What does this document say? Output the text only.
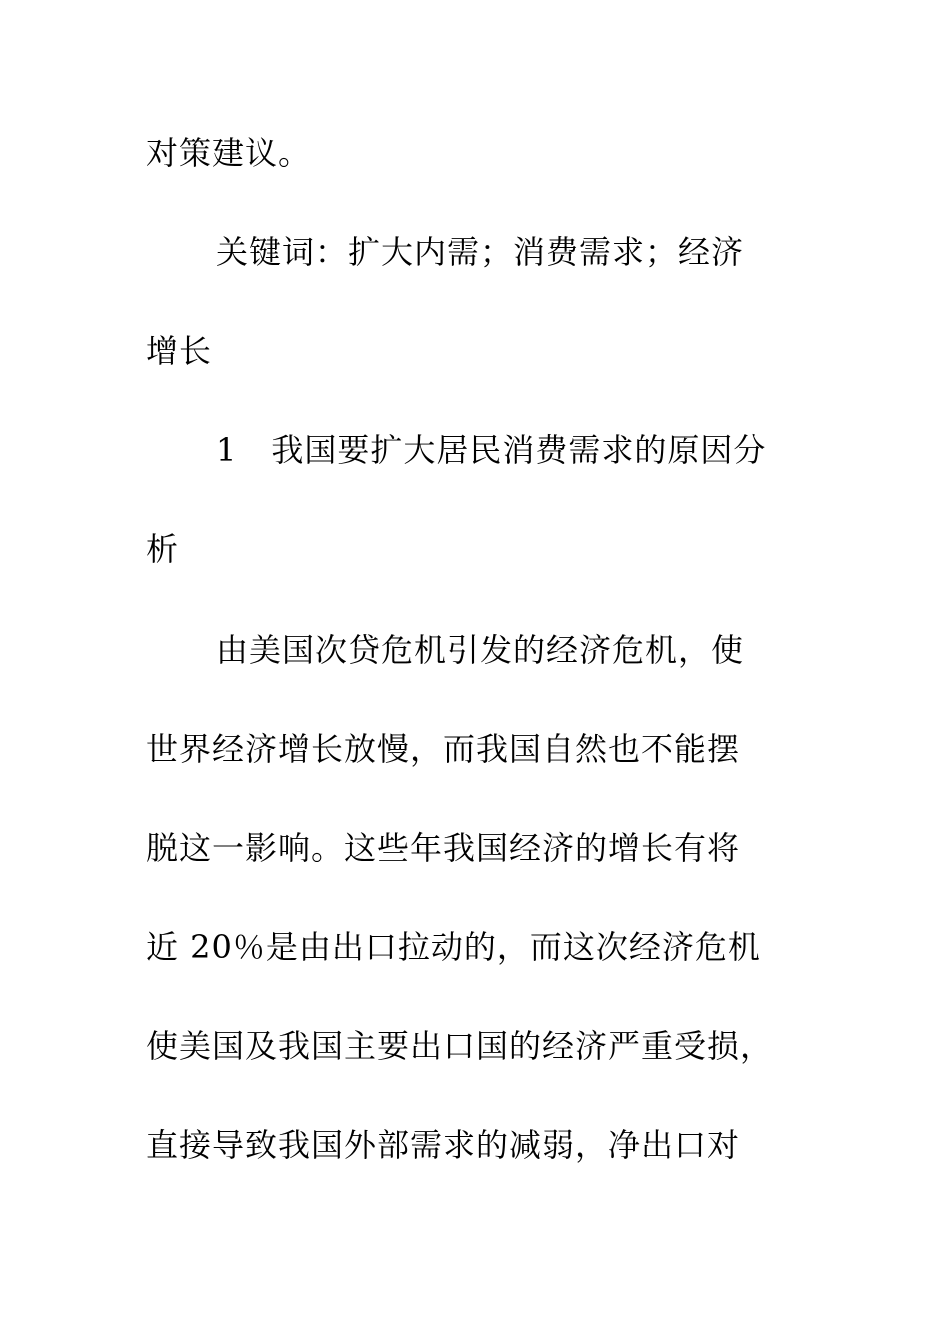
对策建议。
关键词：扩大内需；消费需求；经济
增长
1 我国要扩大居民消费需求的原因分
析
由美国次贷危机引发的经济危机，使
世界经济增长放慢，而我国自然也不能摆
脱这一影响。这些年我国经济的增长有将
近 20％是由出口拉动的，而这次经济危机
使美国及我国主要出口国的经济严重受损，
直接导致我国外部需求的减弱，净出口对
